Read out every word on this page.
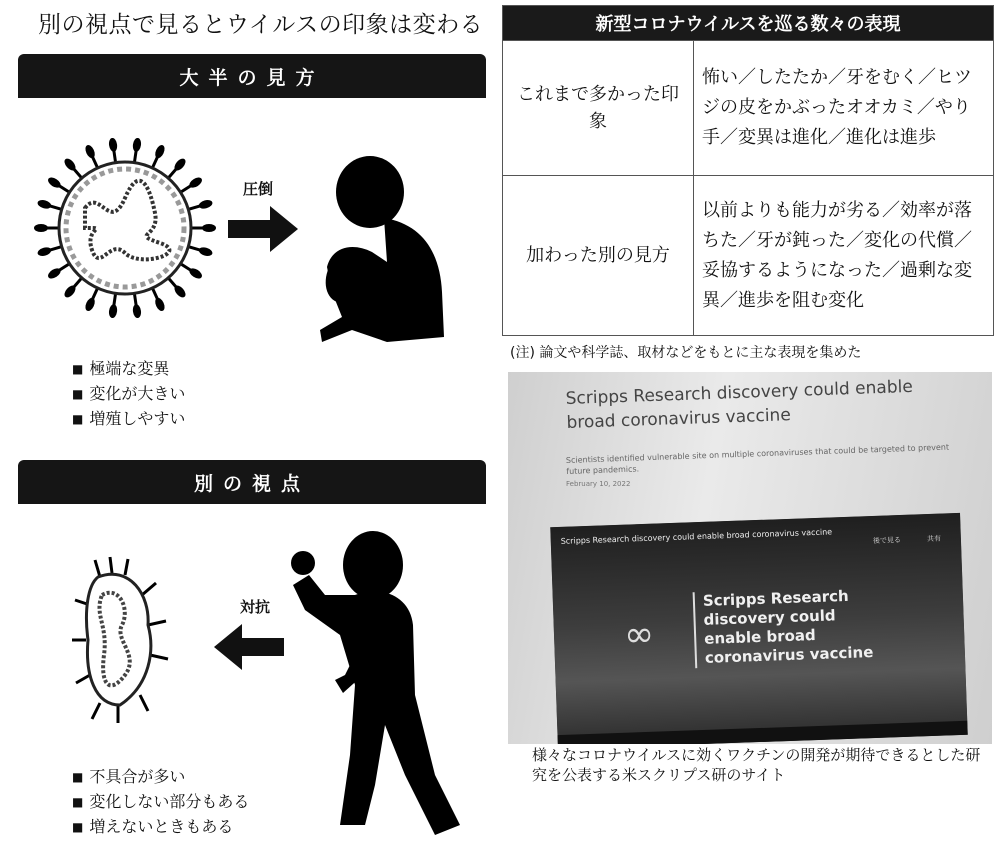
別の視点で見るとウイルスの印象は変わる
大半の見方
圧倒
■ 極端な変異
■ 変化が大きい
■ 増殖しやすい
別の視点
対抗
■ 不具合が多い
■ 変化しない部分もある
■ 増えないときもある
新型コロナウイルスを巡る数々の表現	
これまで多かった印象	怖い／したたか／牙をむく／ヒツジの皮をかぶったオオカミ／やり手／変異は進化／進化は進歩
加わった別の見方	以前よりも能力が劣る／効率が落ちた／牙が鈍った／変化の代償／妥協するようになった／過剰な変異／進歩を阻む変化
(注) 論文や科学誌、取材などをもとに主な表現を集めた
Scripps Research discovery could enable broad coronavirus vaccine
Scientists identified vulnerable site on multiple coronaviruses that could be targeted to prevent future pandemics.
February 10, 2022
Scripps Research discovery could enable broad coronavirus vaccine	後で見る	共有
∞
Scripps Research discovery could enable broad coronavirus vaccine
様々なコロナウイルスに効くワクチンの開発が期待できるとした研究を公表する米スクリプス研のサイト
